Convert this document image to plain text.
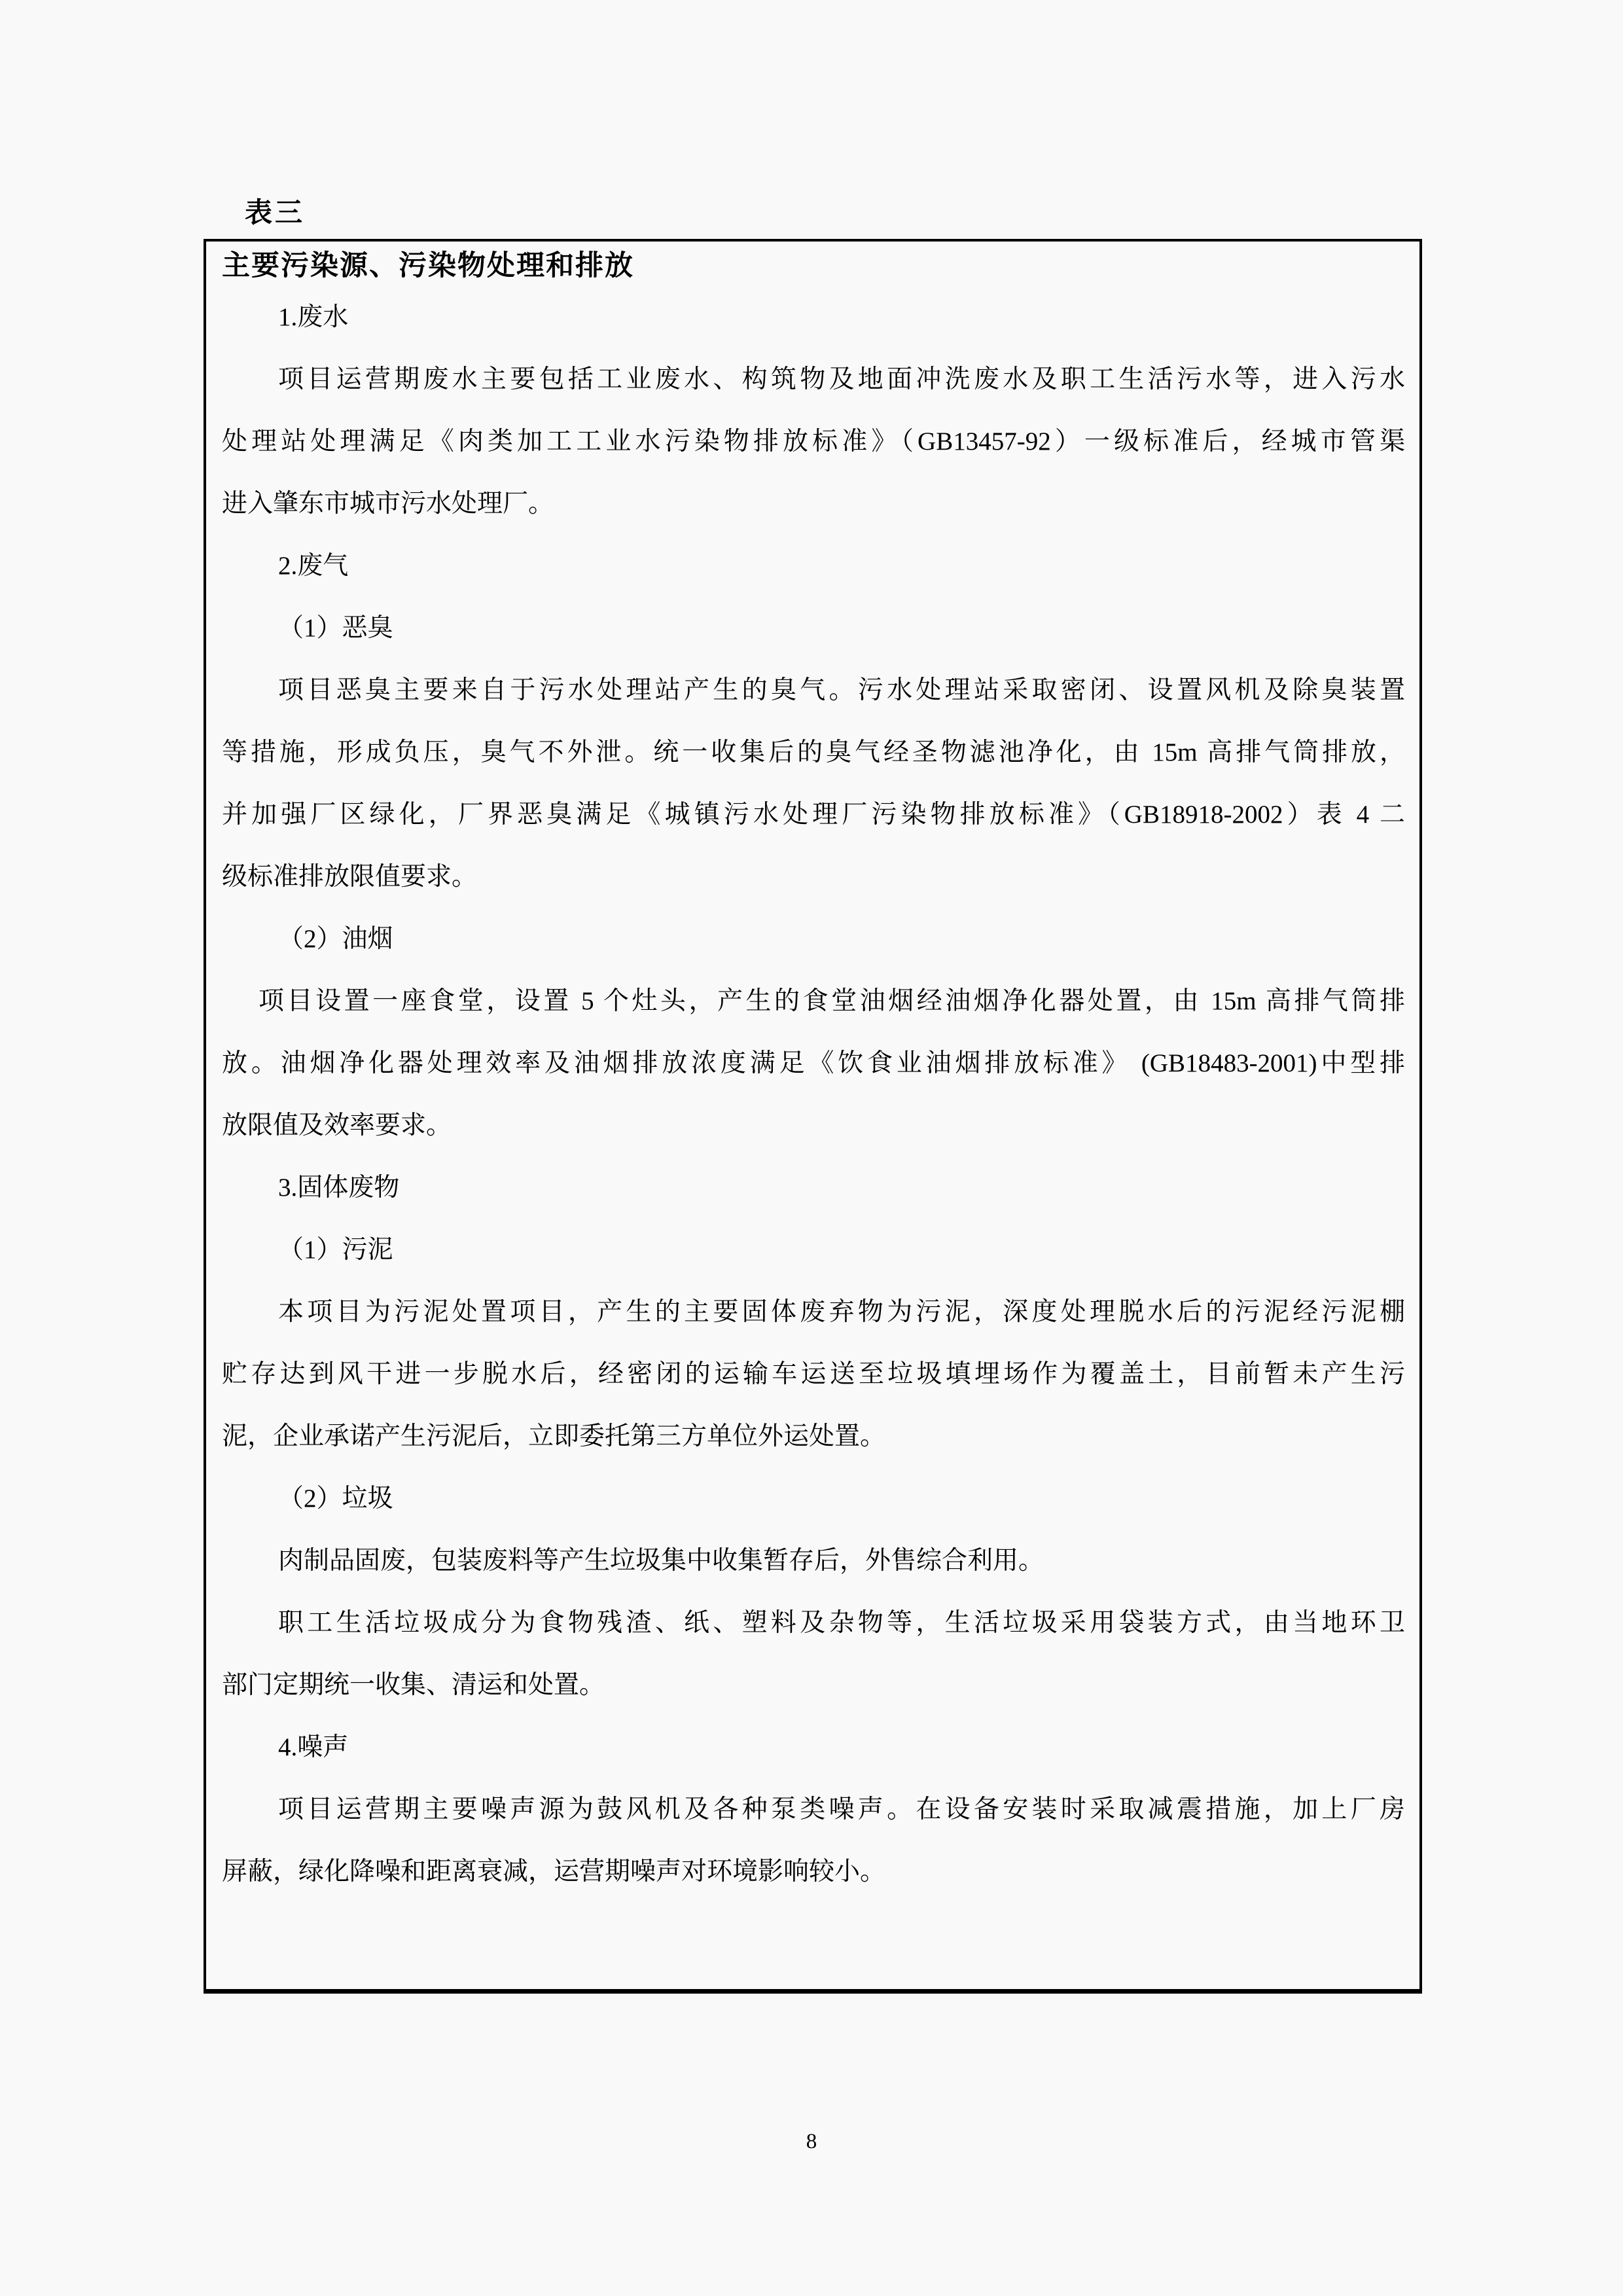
表三
主要污染源、污染物处理和排放
1.废水
项目运营期废水主要包括工业废水、构筑物及地面冲洗废水及职工生活污水等，进入污水
处理站处理满足《肉类加工工业水污染物排放标准》（GB13457-92）一级标准后，经城市管渠
进入肇东市城市污水处理厂。
2.废气
（1）恶臭
项目恶臭主要来自于污水处理站产生的臭气。污水处理站采取密闭、设置风机及除臭装置
等措施，形成负压，臭气不外泄。统一收集后的臭气经圣物滤池净化，由 15m 高排气筒排放，
并加强厂区绿化，厂界恶臭满足《城镇污水处理厂污染物排放标准》（GB18918-2002）表 4 二
级标准排放限值要求。
（2）油烟
项目设置一座食堂，设置 5 个灶头，产生的食堂油烟经油烟净化器处置，由 15m 高排气筒排
放。油烟净化器处理效率及油烟排放浓度满足《饮食业油烟排放标准》 (GB18483-2001)中型排
放限值及效率要求。
3.固体废物
（1）污泥
本项目为污泥处置项目，产生的主要固体废弃物为污泥，深度处理脱水后的污泥经污泥棚
贮存达到风干进一步脱水后，经密闭的运输车运送至垃圾填埋场作为覆盖土，目前暂未产生污
泥，企业承诺产生污泥后，立即委托第三方单位外运处置。
（2）垃圾
肉制品固废，包装废料等产生垃圾集中收集暂存后，外售综合利用。
职工生活垃圾成分为食物残渣、纸、塑料及杂物等，生活垃圾采用袋装方式，由当地环卫
部门定期统一收集、清运和处置。
4.噪声
项目运营期主要噪声源为鼓风机及各种泵类噪声。在设备安装时采取减震措施，加上厂房
屏蔽，绿化降噪和距离衰减，运营期噪声对环境影响较小。
8
